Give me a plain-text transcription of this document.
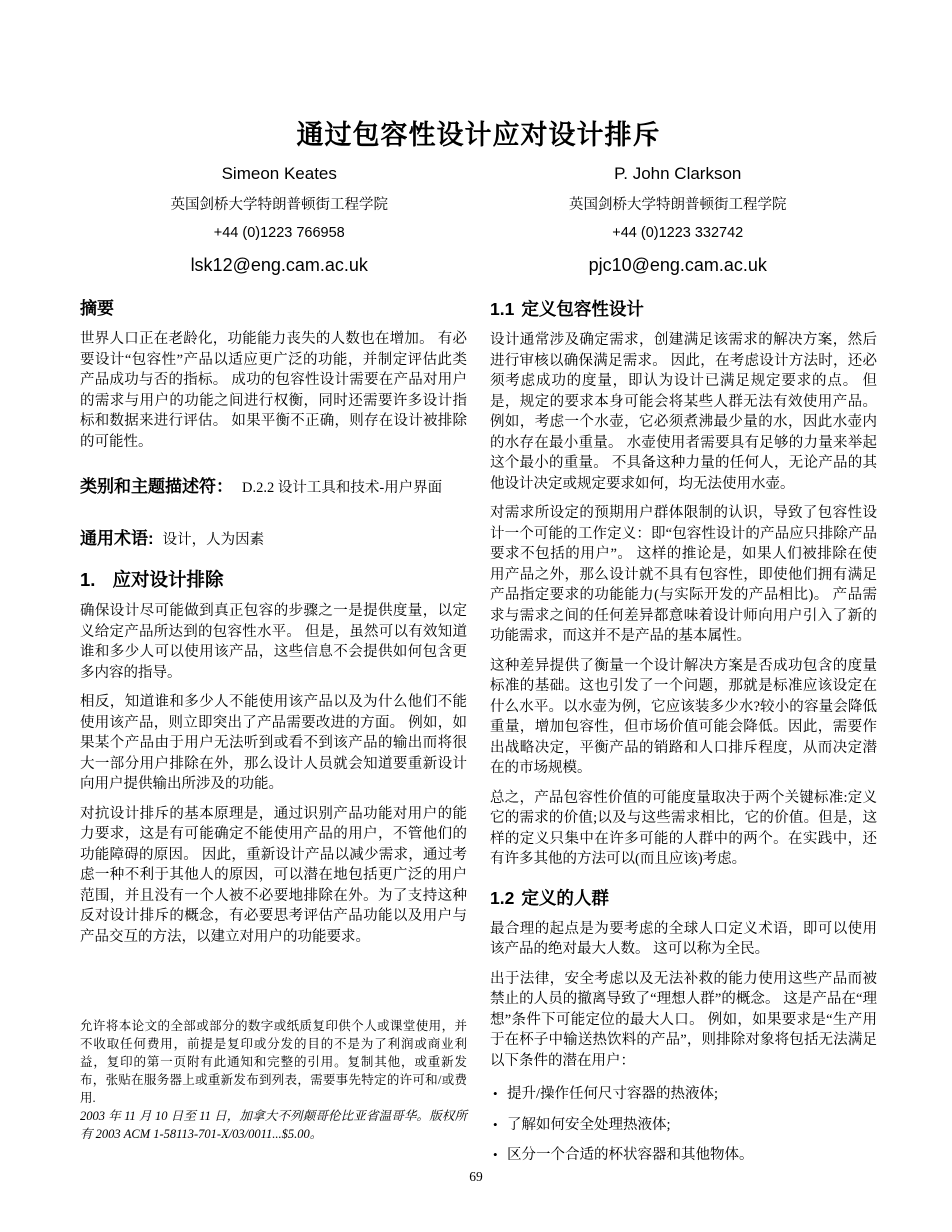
通过包容性设计应对设计排斥
Simeon Keates
英国剑桥大学特朗普顿街工程学院
+44 (0)1223 766958
lsk12@eng.cam.ac.uk
P. John Clarkson
英国剑桥大学特朗普顿街工程学院
+44 (0)1223 332742
pjc10@eng.cam.ac.uk
摘要

世界人口正在老龄化，功能能力丧失的人数也在增加。 有必要设计“包容性”产品以适应更广泛的功能，并制定评估此类产品成功与否的指标。 成功的包容性设计需要在产品对用户的需求与用户的功能之间进行权衡，同时还需要许多设计指标和数据来进行评估。 如果平衡不正确，则存在设计被排除的可能性。

类别和主题描述符： D.2.2 设计工具和技术-用户界面

通用术语: 设计，人为因素

1. 应对设计排除

确保设计尽可能做到真正包容的步骤之一是提供度量，以定义给定产品所达到的包容性水平。 但是，虽然可以有效知道谁和多少人可以使用该产品，这些信息不会提供如何包含更多内容的指导。

相反，知道谁和多少人不能使用该产品以及为什么他们不能使用该产品，则立即突出了产品需要改进的方面。 例如，如果某个产品由于用户无法听到或看不到该产品的输出而将很大一部分用户排除在外，那么设计人员就会知道要重新设计向用户提供输出所涉及的功能。

对抗设计排斥的基本原理是，通过识别产品功能对用户的能力要求，这是有可能确定不能使用产品的用户，不管他们的功能障碍的原因。 因此，重新设计产品以减少需求，通过考虑一种不利于其他人的原因，可以潜在地包括更广泛的用户范围，并且没有一个人被不必要地排除在外。为了支持这种反对设计排斥的概念，有必要思考评估产品功能以及用户与产品交互的方法，以建立对用户的功能要求。

允许将本论文的全部或部分的数字或纸质复印供个人或课堂使用，并不收取任何费用，前提是复印或分发的目的不是为了利润或商业利益，复印的第一页附有此通知和完整的引用。复制其他，或重新发布，张贴在服务器上或重新发布到列表，需要事先特定的许可和/或费用.

2003 年 11 月 10 日至 11 日，加拿大不列颠哥伦比亚省温哥华。版权所有 2003 ACM 1-58113-701-X/03/0011...$5.00。

1.1 定义包容性设计

设计通常涉及确定需求，创建满足该需求的解决方案，然后进行审核以确保满足需求。 因此，在考虑设计方法时，还必须考虑成功的度量，即认为设计已满足规定要求的点。 但是，规定的要求本身可能会将某些人群无法有效使用产品。 例如，考虑一个水壶，它必须煮沸最少量的水，因此水壶内的水存在最小重量。 水壶使用者需要具有足够的力量来举起这个最小的重量。 不具备这种力量的任何人，无论产品的其他设计决定或规定要求如何，均无法使用水壶。

对需求所设定的预期用户群体限制的认识，导致了包容性设计一个可能的工作定义：即“包容性设计的产品应只排除产品要求不包括的用户”。 这样的推论是，如果人们被排除在使用产品之外，那么设计就不具有包容性，即使他们拥有满足产品指定要求的功能能力(与实际开发的产品相比)。 产品需求与需求之间的任何差异都意味着设计师向用户引入了新的功能需求，而这并不是产品的基本属性。

这种差异提供了衡量一个设计解决方案是否成功包含的度量标准的基础。这也引发了一个问题，那就是标准应该设定在什么水平。以水壶为例，它应该装多少水?较小的容量会降低重量，增加包容性，但市场价值可能会降低。因此，需要作出战略决定，平衡产品的销路和人口排斥程度，从而决定潜在的市场规模。

总之，产品包容性价值的可能度量取决于两个关键标准:定义它的需求的价值;以及与这些需求相比，它的价值。但是，这样的定义只集中在许多可能的人群中的两个。在实践中，还有许多其他的方法可以(而且应该)考虑。

1.2 定义的人群

最合理的起点是为要考虑的全球人口定义术语，即可以使用该产品的绝对最大人数。 这可以称为全民。

出于法律，安全考虑以及无法补救的能力使用这些产品而被禁止的人员的撤离导致了“理想人群”的概念。 这是产品在“理想”条件下可能定位的最大人口。 例如，如果要求是“生产用于在杯子中输送热饮料的产品”，则排除对象将包括无法满足以下条件的潜在用户：

• 提升/操作任何尺寸容器的热液体;
• 了解如何安全处理热液体;
• 区分一个合适的杯状容器和其他物体。
69
